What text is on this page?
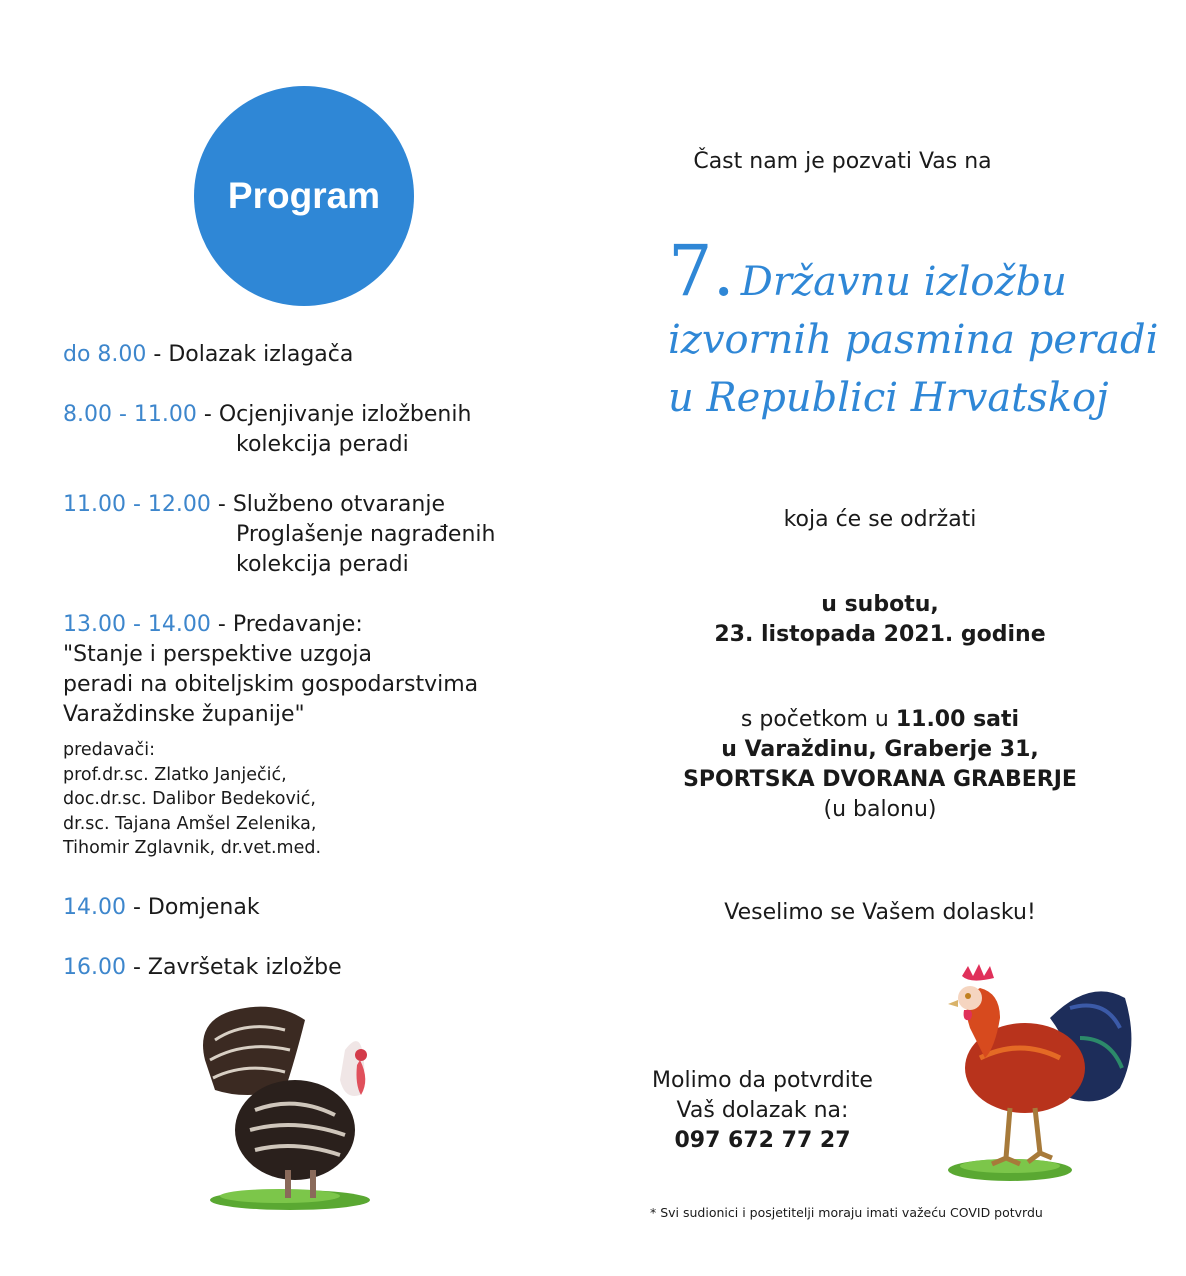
Program
do 8.00 - Dolazak izlagača
8.00 - 11.00 - Ocjenjivanje izložbenih
kolekcija peradi
11.00 - 12.00 - Službeno otvaranje
Proglašenje nagrađenih
kolekcija peradi
13.00 - 14.00 - Predavanje:
"Stanje i perspektive uzgoja
peradi na obiteljskim gospodarstvima
Varaždinske županije"
predavači:
prof.dr.sc. Zlatko Janječić,
doc.dr.sc. Dalibor Bedeković,
dr.sc. Tajana Amšel Zelenika,
Tihomir Zglavnik, dr.vet.med.
14.00 - Domjenak
16.00 - Završetak izložbe
Čast nam je pozvati Vas na
7. Državnu izložbu
izvornih pasmina peradi
u Republici Hrvatskoj
koja će se održati
u subotu,
23. listopada 2021. godine
s početkom u 11.00 sati
u Varaždinu, Graberje 31,
SPORTSKA DVORANA GRABERJE
(u balonu)
Veselimo se Vašem dolasku!
Molimo da potvrdite
Vaš dolazak na:
097 672 77 27
* Svi sudionici i posjetitelji moraju imati važeću COVID potvrdu
